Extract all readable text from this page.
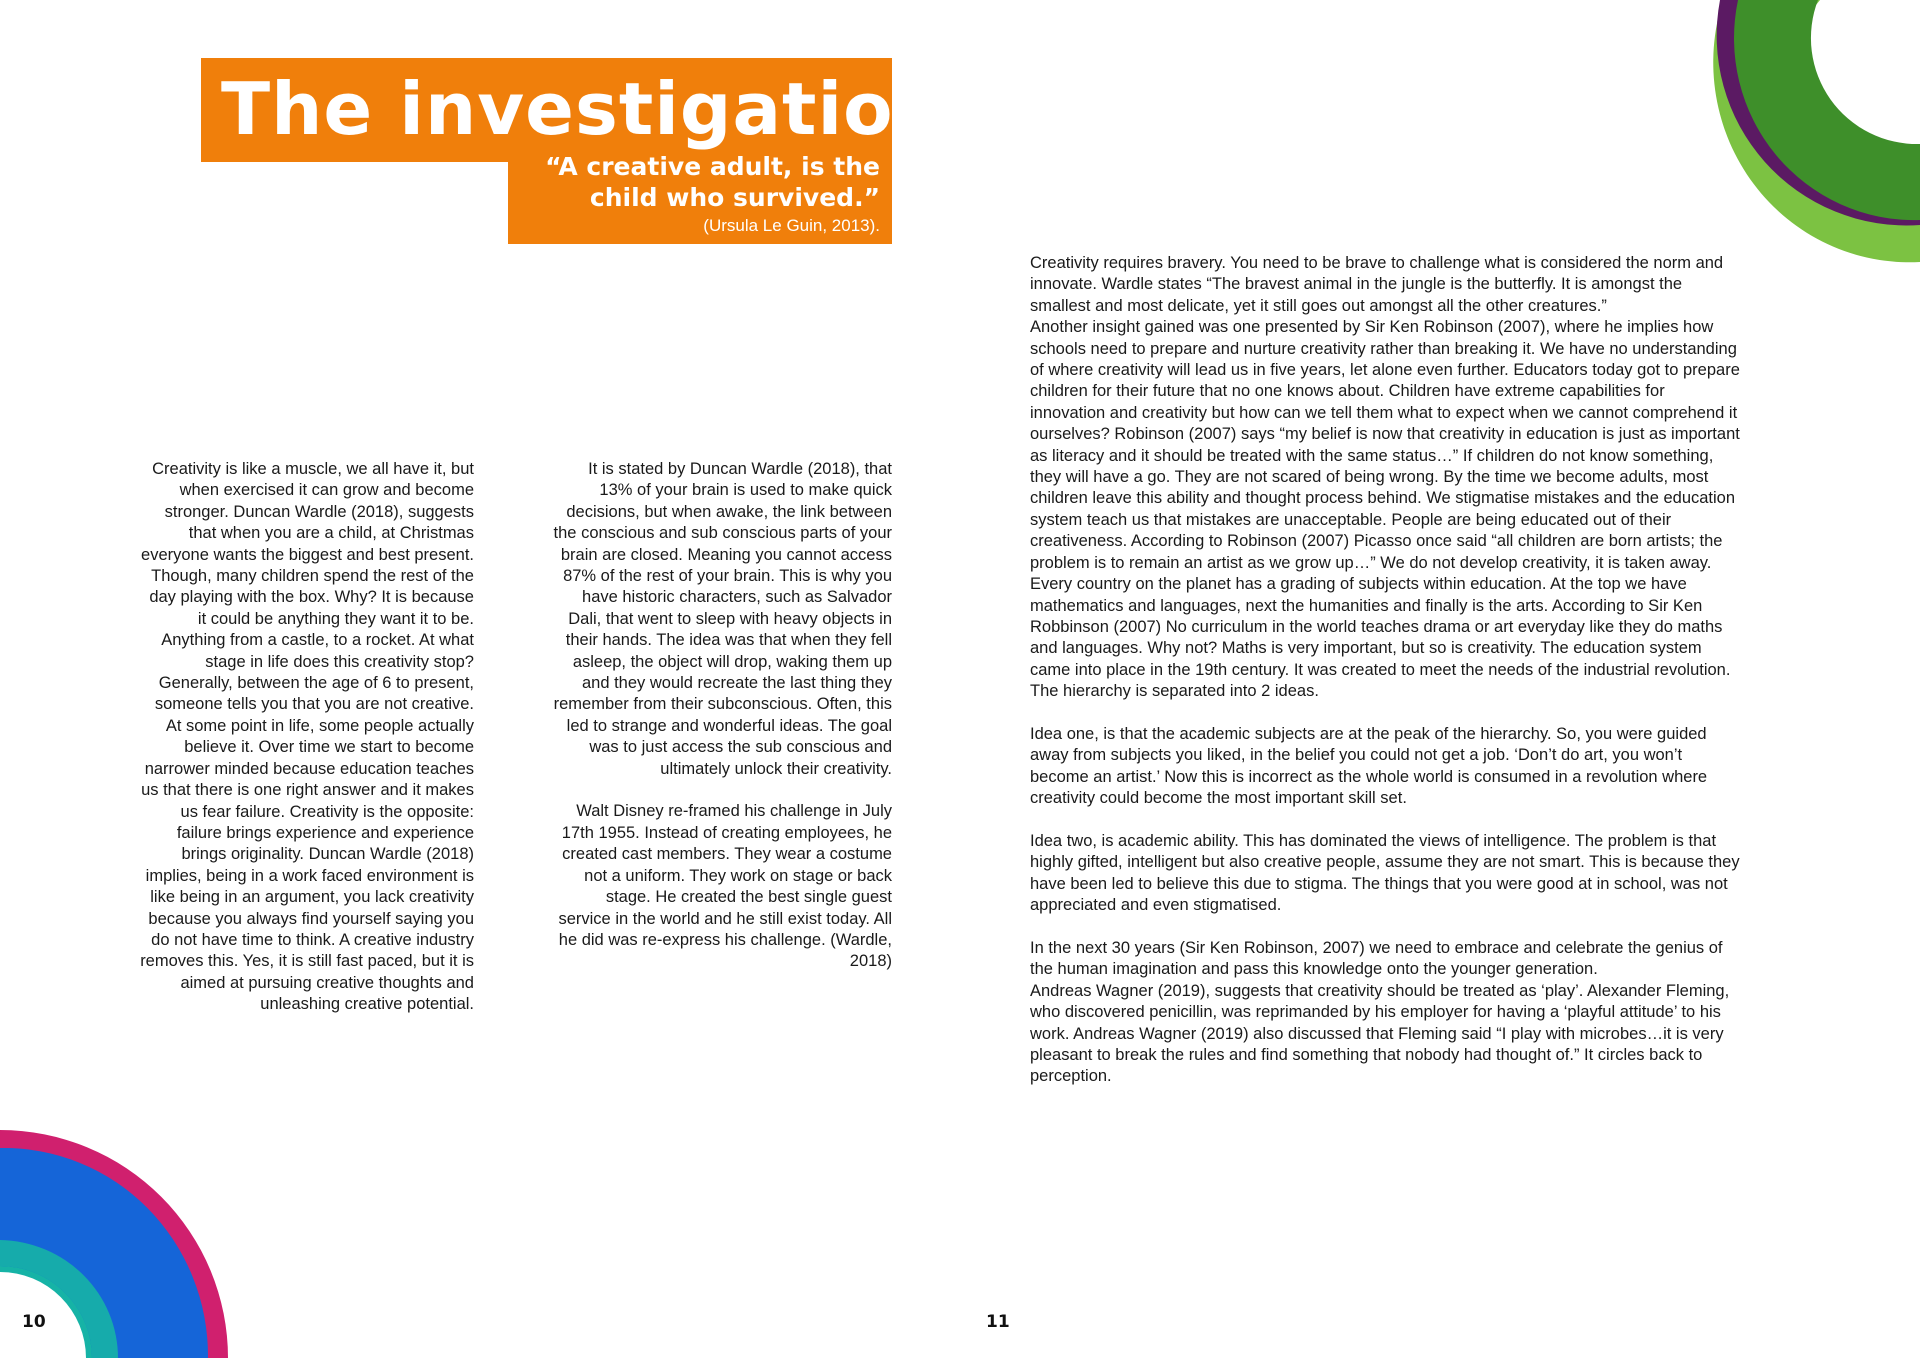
The investigation:
“A creative adult, is the
child who survived.”
(Ursula Le Guin, 2013).

Creativity is like a muscle, we all have it, but when exercised it can grow and become stronger. Duncan Wardle (2018), suggests that when you are a child, at Christmas everyone wants the biggest and best present. Though, many children spend the rest of the day playing with the box. Why? It is because it could be anything they want it to be. Anything from a castle, to a rocket. At what stage in life does this creativity stop? Generally, between the age of 6 to present, someone tells you that you are not creative. At some point in life, some people actually believe it. Over time we start to become narrower minded because education teaches us that there is one right answer and it makes us fear failure. Creativity is the opposite: failure brings experience and experience brings originality. Duncan Wardle (2018) implies, being in a work faced environment is like being in an argument, you lack creativity because you always find yourself saying you do not have time to think. A creative industry removes this. Yes, it is still fast paced, but it is aimed at pursuing creative thoughts and unleashing creative potential.

It is stated by Duncan Wardle (2018), that 13% of your brain is used to make quick decisions, but when awake, the link between the conscious and sub conscious parts of your brain are closed. Meaning you cannot access 87% of the rest of your brain. This is why you have historic characters, such as Salvador Dali, that went to sleep with heavy objects in their hands. The idea was that when they fell asleep, the object will drop, waking them up and they would recreate the last thing they remember from their subconscious. Often, this led to strange and wonderful ideas. The goal was to just access the sub conscious and ultimately unlock their creativity.

Walt Disney re-framed his challenge in July 17th 1955. Instead of creating employees, he created cast members. They wear a costume not a uniform. They work on stage or back stage. He created the best single guest service in the world and he still exist today. All he did was re-express his challenge. (Wardle, 2018)

Creativity requires bravery. You need to be brave to challenge what is considered the norm and innovate. Wardle states “The bravest animal in the jungle is the butterfly. It is amongst the smallest and most delicate, yet it still goes out amongst all the other creatures.”

Another insight gained was one presented by Sir Ken Robinson (2007), where he implies how schools need to prepare and nurture creativity rather than breaking it. We have no understanding of where creativity will lead us in five years, let alone even further. Educators today got to prepare children for their future that no one knows about. Children have extreme capabilities for innovation and creativity but how can we tell them what to expect when we cannot comprehend it ourselves? Robinson (2007) says “my belief is now that creativity in education is just as important as literacy and it should be treated with the same status…” If children do not know something, they will have a go. They are not scared of being wrong. By the time we become adults, most children leave this ability and thought process behind. We stigmatise mistakes and the education system teach us that mistakes are unacceptable. People are being educated out of their creativeness. According to Robinson (2007) Picasso once said “all children are born artists; the problem is to remain an artist as we grow up…” We do not develop creativity, it is taken away. Every country on the planet has a grading of subjects within education. At the top we have mathematics and languages, next the humanities and finally is the arts. According to Sir Ken Robbinson (2007) No curriculum in the world teaches drama or art everyday like they do maths and languages. Why not? Maths is very important, but so is creativity. The education system came into place in the 19th century. It was created to meet the needs of the industrial revolution. The hierarchy is separated into 2 ideas.

Idea one, is that the academic subjects are at the peak of the hierarchy. So, you were guided away from subjects you liked, in the belief you could not get a job. ‘Don’t do art, you won’t become an artist.’ Now this is incorrect as the whole world is consumed in a revolution where creativity could become the most important skill set.

Idea two, is academic ability. This has dominated the views of intelligence. The problem is that highly gifted, intelligent but also creative people, assume they are not smart. This is because they have been led to believe this due to stigma. The things that you were good at in school, was not appreciated and even stigmatised.

In the next 30 years (Sir Ken Robinson, 2007) we need to embrace and celebrate the genius of the human imagination and pass this knowledge onto the younger generation.

Andreas Wagner (2019), suggests that creativity should be treated as ‘play’. Alexander Fleming, who discovered penicillin, was reprimanded by his employer for having a ‘playful attitude’ to his work. Andreas Wagner (2019) also discussed that Fleming said “I play with microbes…it is very pleasant to break the rules and find something that nobody had thought of.” It circles back to perception.

10	11
